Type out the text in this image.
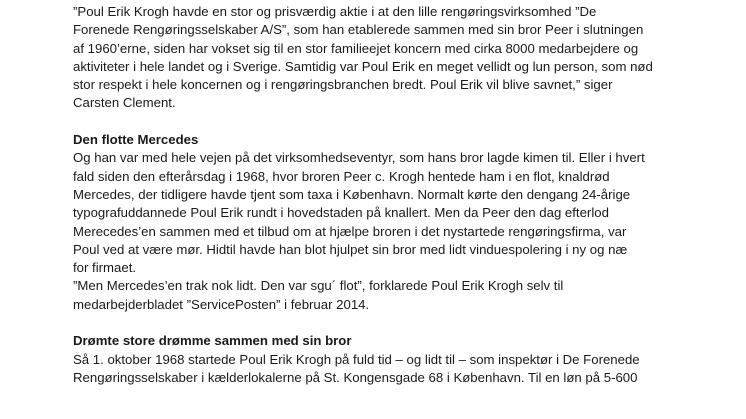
”Poul Erik Krogh havde en stor og prisværdig aktie i at den lille rengøringsvirksomhed ”De
Forenede Rengøringsselskaber A/S”, som han etablerede sammen med sin bror Peer i slutningen
af 1960’erne, siden har vokset sig til en stor familieejet koncern med cirka 8000 medarbejdere og
aktiviteter i hele landet og i Sverige. Samtidig var Poul Erik en meget vellidt og lun person, som nød
stor respekt i hele koncernen og i rengøringsbranchen bredt. Poul Erik vil blive savnet,” siger
Carsten Clement.
Den flotte Mercedes
Og han var med hele vejen på det virksomhedseventyr, som hans bror lagde kimen til. Eller i hvert
fald siden den efterårsdag i 1968, hvor broren Peer c. Krogh hentede ham i en flot, knaldrød
Mercedes, der tidligere havde tjent som taxa i København. Normalt kørte den dengang 24-årige
typografuddannede Poul Erik rundt i hovedstaden på knallert. Men da Peer den dag efterlod
Merecedes’en sammen med et tilbud om at hjælpe broren i det nystartede rengøringsfirma, var
Poul ved at være mør. Hidtil havde han blot hjulpet sin bror med lidt vinduespolering i ny og næ
for firmaet.
”Men Mercedes’en trak nok lidt. Den var sgu´ flot”, forklarede Poul Erik Krogh selv til
medarbejderbladet ”ServicePosten” i februar 2014.
Drømte store drømme sammen med sin bror
Så 1. oktober 1968 startede Poul Erik Krogh på fuld tid – og lidt til – som inspektør i De Forenede
Rengøringsselskaber i kælderlokalerne på St. Kongensgade 68 i København. Til en løn på 5-600
